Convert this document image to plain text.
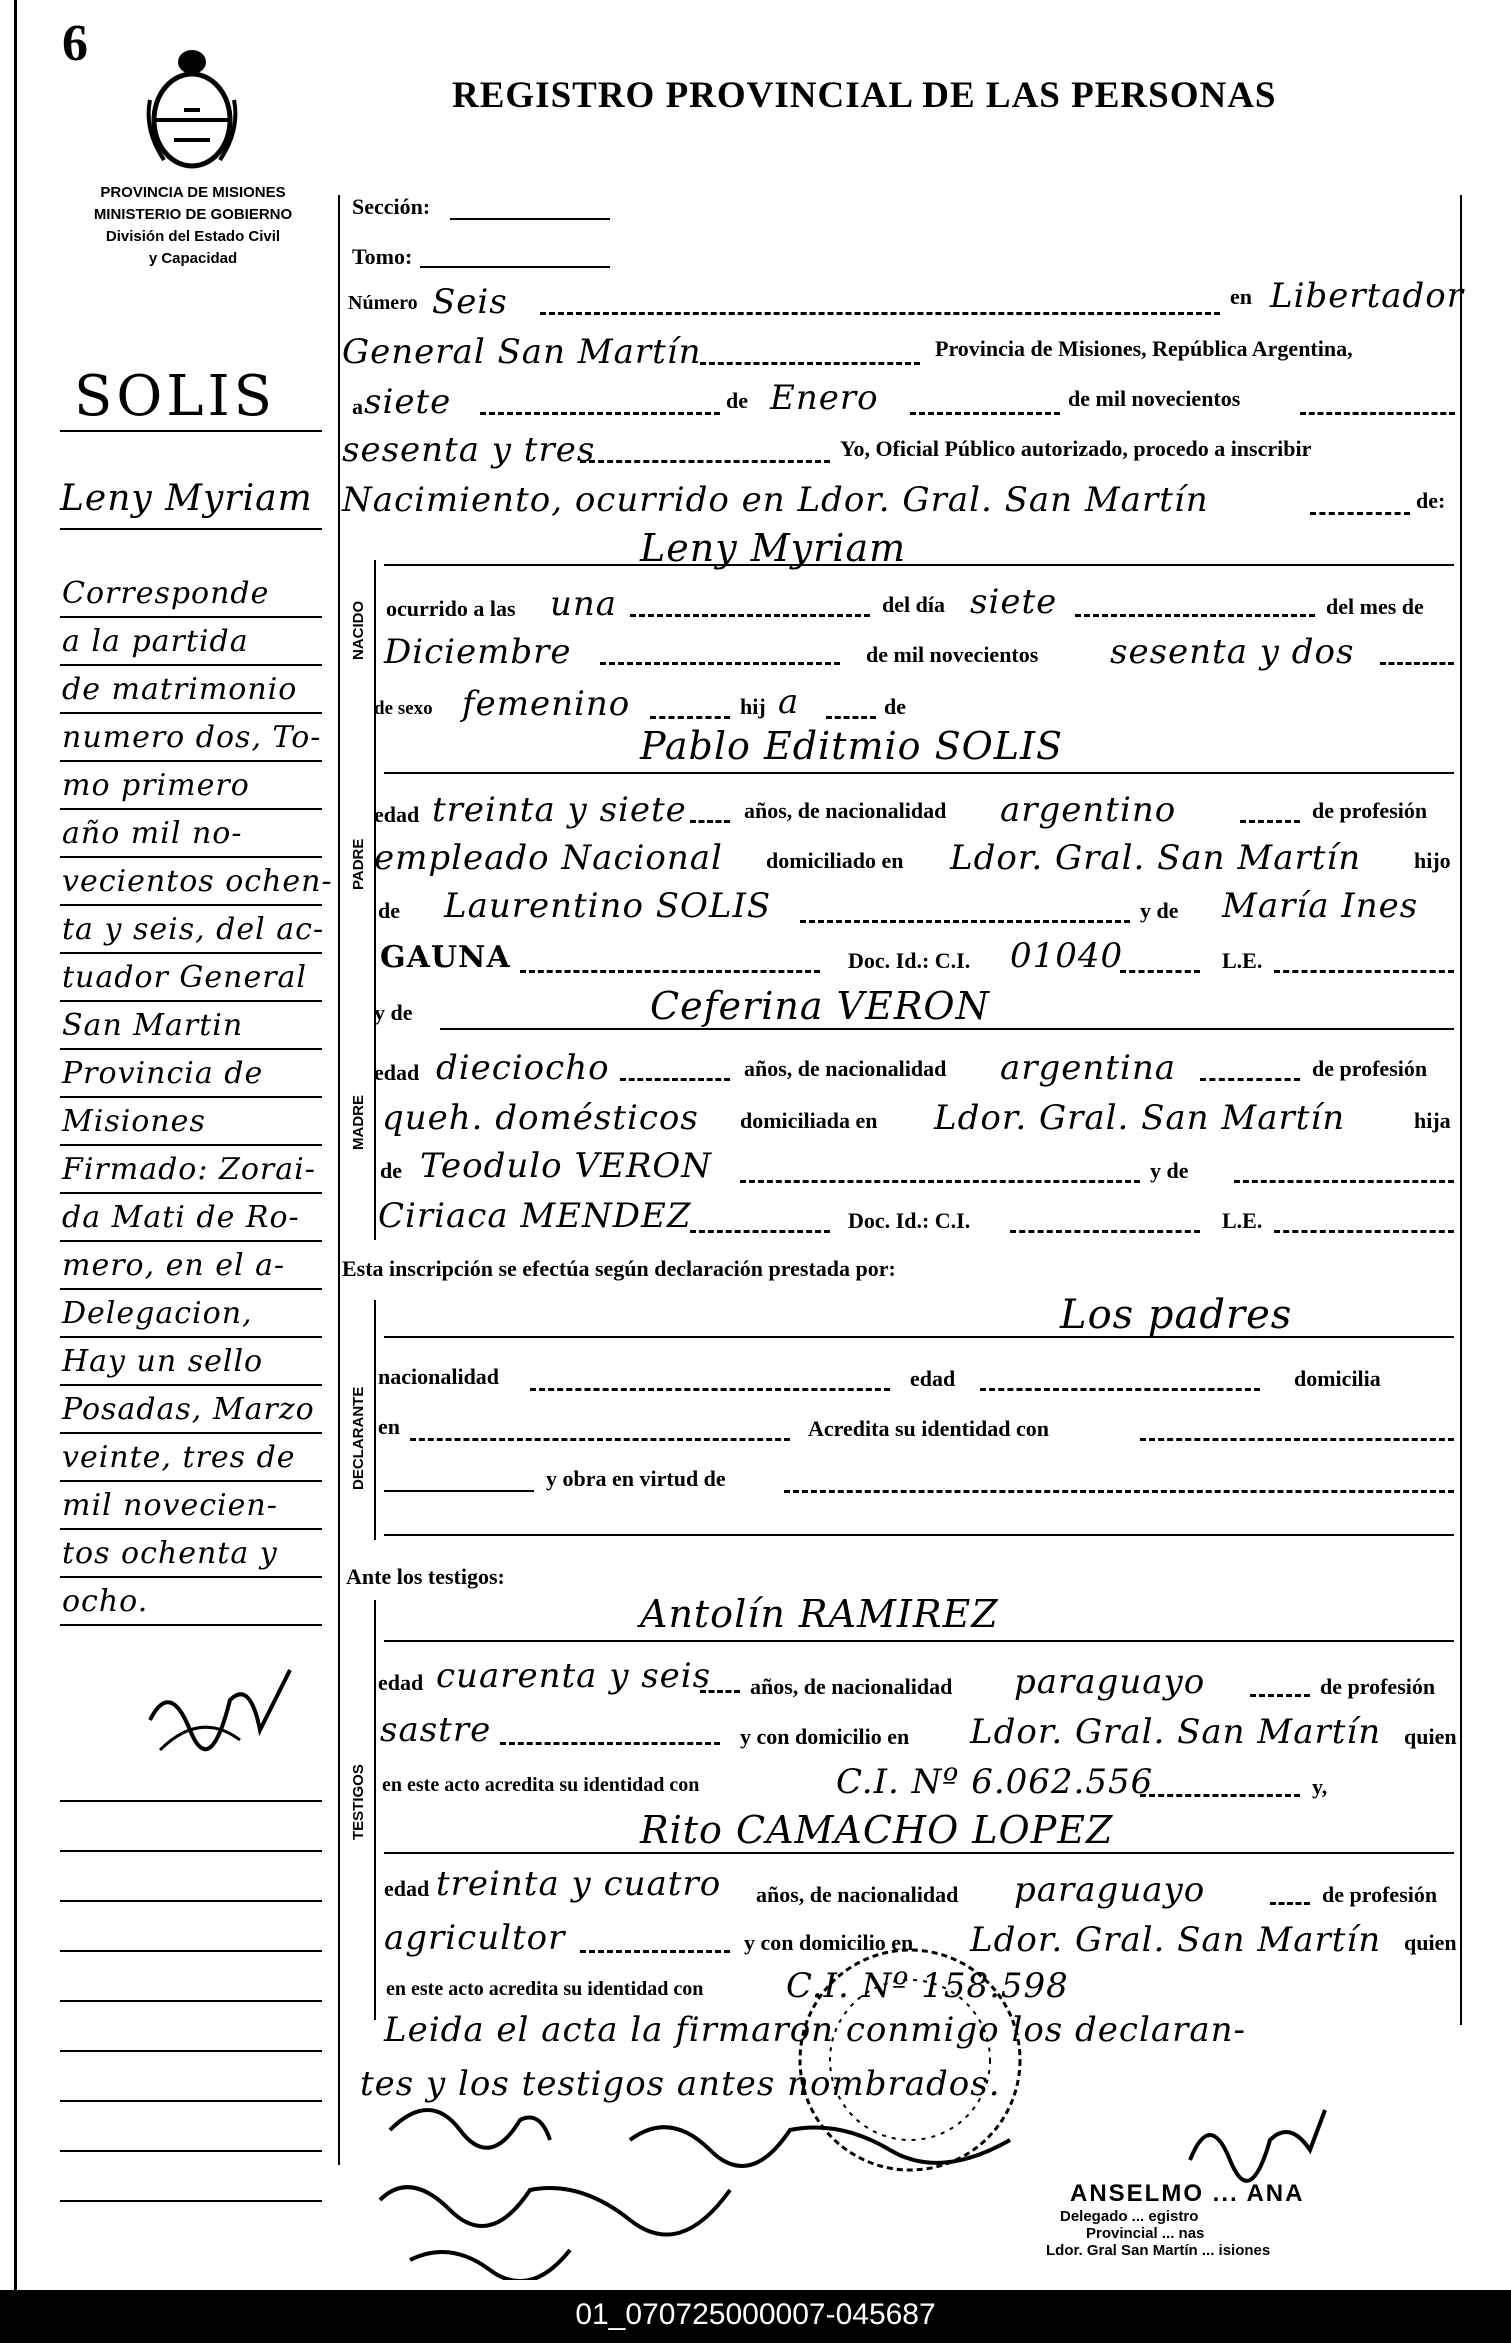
6
REGISTRO PROVINCIAL DE LAS PERSONAS
PROVINCIA DE MISIONES
MINISTERIO DE GOBIERNO
División del Estado Civil
y Capacidad
SOLIS
Leny Myriam
Corresponde
a la partida
de matrimonio
numero dos, To-
mo primero
año mil no-
vecientos ochen-
ta y seis, del ac-
tuador General
San Martin
Provincia de
Misiones
Firmado: Zorai-
da Mati de Ro-
mero, en el a-
Delegacion,
Hay un sello
Posadas, Marzo
veinte, tres de
mil novecien-
tos ochenta y
ocho.
NACIDO
PADRE
MADRE
DECLARANTE
TESTIGOS
Sección:
Tomo:
Número Seis	en Libertador
General San Martín	Provincia de Misiones, República Argentina,
a siete	de Enero	de mil novecientos
sesenta y tres	Yo, Oficial Público autorizado, procedo a inscribir
Nacimiento, ocurrido en Ldor. Gral. San Martín	de:
Leny Myriam
ocurrido a las una	del día siete	del mes de
Diciembre	de mil novecientos sesenta y dos
de sexo femenino	hij a	de
Pablo Editmio SOLIS
edad treinta y siete	años, de nacionalidad argentino	de profesión
empleado Nacional domiciliado en Ldor. Gral. San Martín hijo
de Laurentino SOLIS	y de María Ines
GAUNA	Doc. Id.: C.I. 01040	L.E.
y de	Ceferina VERON
edad dieciocho	años, de nacionalidad argentina	de profesión
queh. domésticos domiciliada en Ldor. Gral. San Martín	hija
de Teodulo VERON	y de
Ciriaca MENDEZ	Doc. Id.: C.I.	L.E.
Esta inscripción se efectúa según declaración prestada por:
Los padres
nacionalidad	edad	domicilia
en	Acredita su identidad con
y obra en virtud de
Ante los testigos:
Antolín RAMIREZ
edad cuarenta y seis años, de nacionalidad paraguayo	de profesión
sastre	y con domicilio en Ldor. Gral. San Martín quien
en este acto acredita su identidad con	C.I. Nº 6.062.556	y,
Rito CAMACHO LOPEZ
edad treinta y cuatro años, de nacionalidad paraguayo	de profesión
agricultor	y con domicilio en Ldor. Gral. San Martín quien
en este acto acredita su identidad con C.I. Nº 158.598
Leida el acta la firmaron conmigo los declaran-
tes y los testigos antes nombrados.
ANSELMO ... ANA
Delegado ... egistro
Provincial ... nas
Ldor. Gral San Martín ... isiones
01_070725000007-045687
